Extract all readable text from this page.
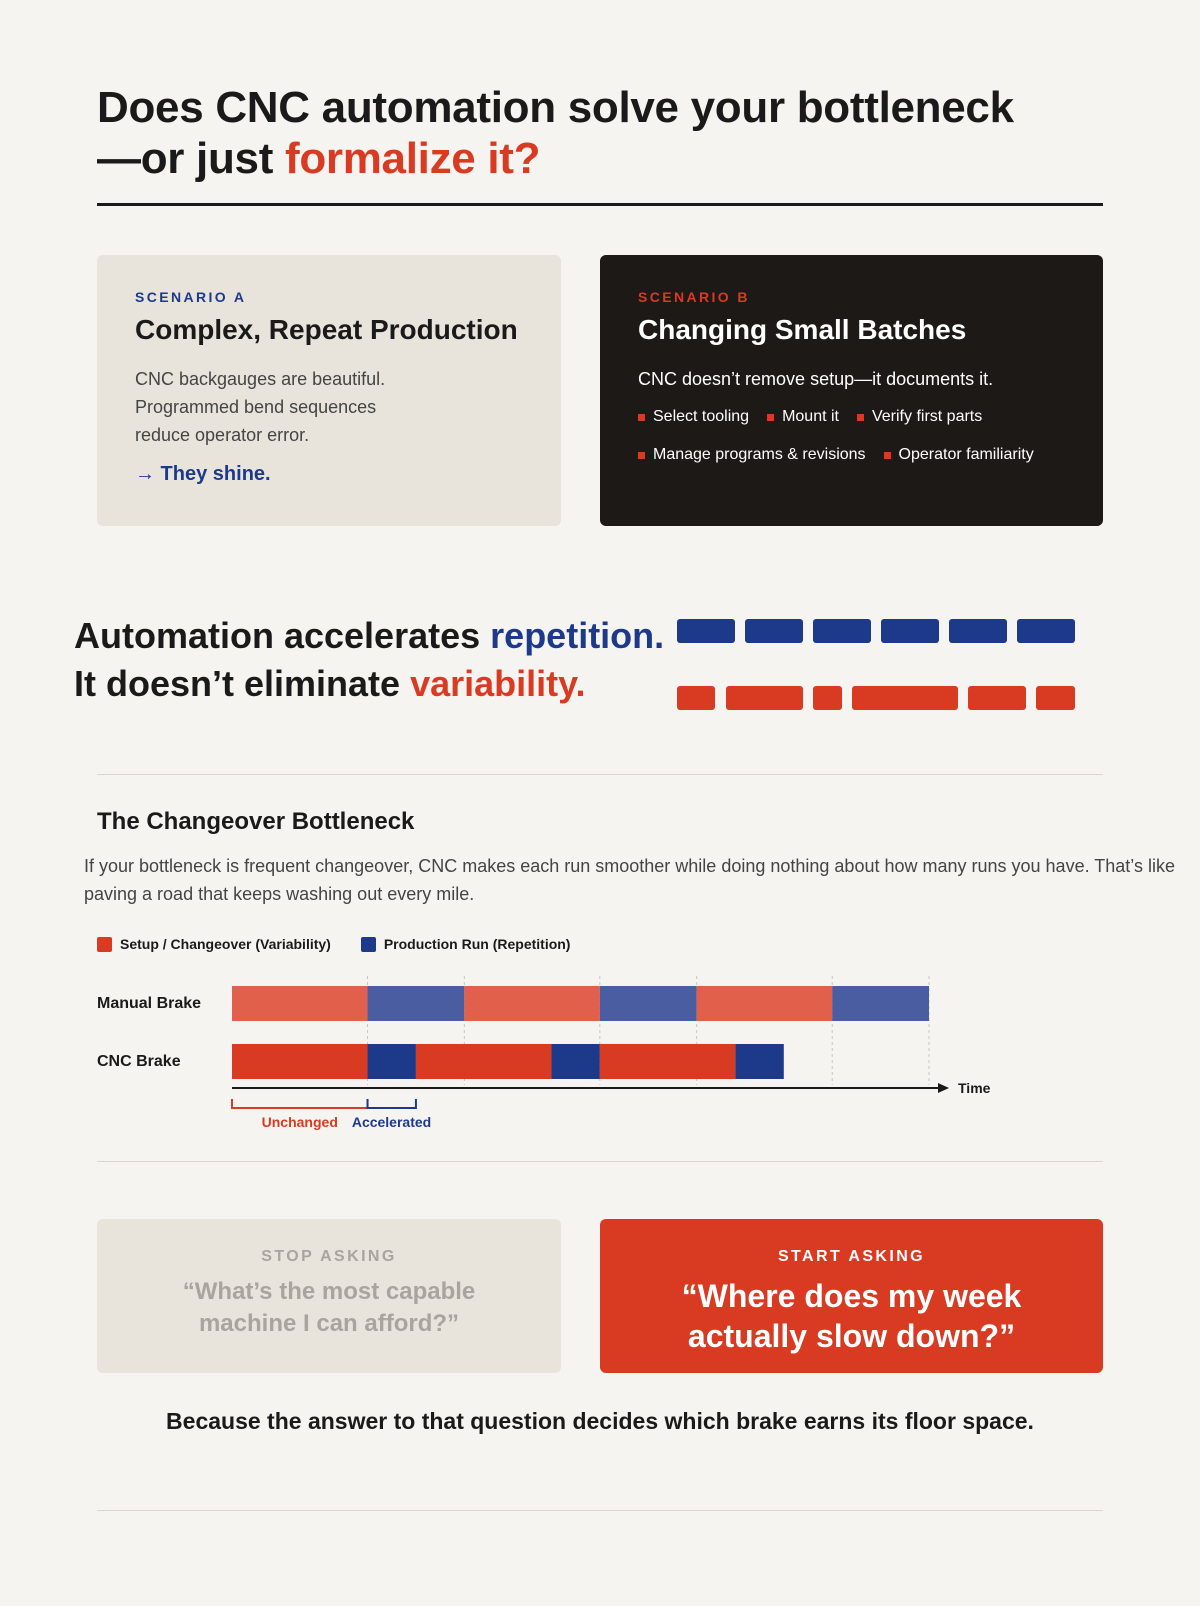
Does CNC automation solve your bottleneck
—or just formalize it?
SCENARIO A
Complex, Repeat Production
CNC backgauges are beautiful. Programmed bend sequences reduce operator error.
→ They shine.
SCENARIO B
Changing Small Batches
CNC doesn’t remove setup—it documents it.
Select tooling Mount it Verify first parts
Manage programs & revisions Operator familiarity
Automation accelerates repetition.
It doesn’t eliminate variability.
The Changeover Bottleneck
If your bottleneck is frequent changeover, CNC makes each run smoother while doing nothing about how many runs you have. That’s like paving a road that keeps washing out every mile.
Setup / Changeover (Variability)	Production Run (Repetition)
Manual Brake
CNC Brake
Time
Unchanged Accelerated
STOP ASKING
“What’s the most capable machine I can afford?”
START ASKING
“Where does my week actually slow down?”
Because the answer to that question decides which brake earns its floor space.
